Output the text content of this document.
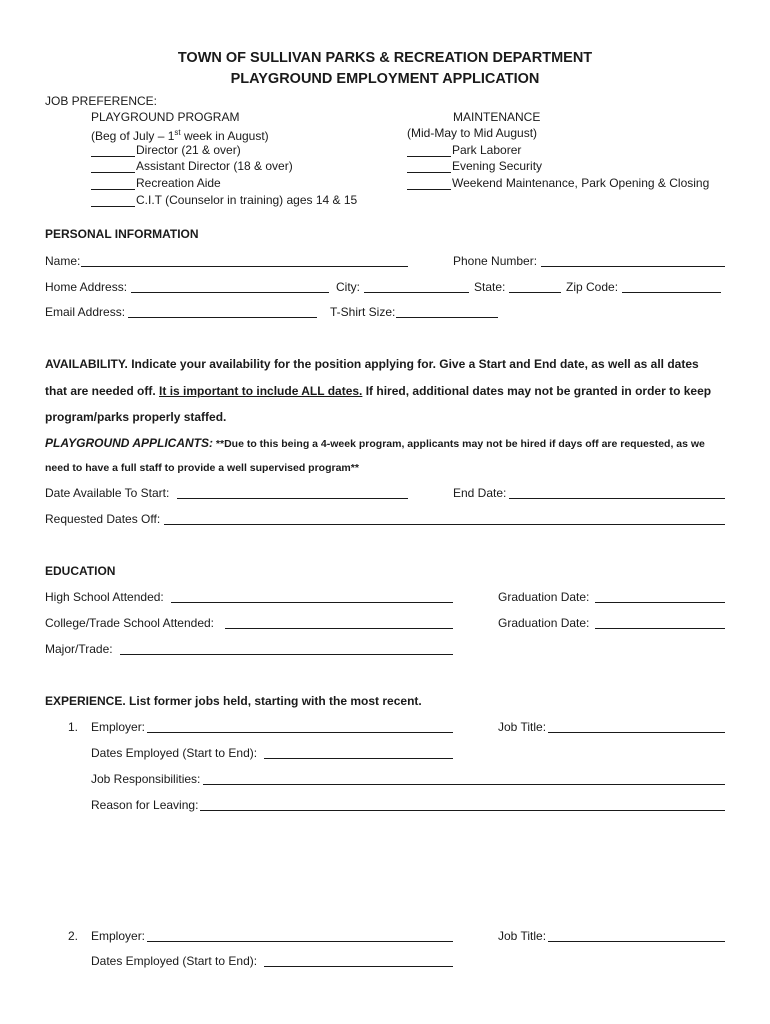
TOWN OF SULLIVAN PARKS & RECREATION DEPARTMENT
PLAYGROUND EMPLOYMENT APPLICATION
JOB PREFERENCE:
PLAYGROUND PROGRAM
(Beg of July – 1st week in August)
Director (21 & over)
Assistant Director (18 & over)
Recreation Aide
C.I.T (Counselor in training) ages 14 & 15
MAINTENANCE
(Mid-May to Mid August)
Park Laborer
Evening Security
Weekend Maintenance, Park Opening & Closing
PERSONAL INFORMATION
Name:	Phone Number:
Home Address:	City:	State:	Zip Code:
Email Address:	T-Shirt Size:
AVAILABILITY. Indicate your availability for the position applying for. Give a Start and End date, as well as all dates
that are needed off. It is important to include ALL dates. If hired, additional dates may not be granted in order to keep
program/parks properly staffed.
PLAYGROUND APPLICANTS: **Due to this being a 4-week program, applicants may not be hired if days off are requested, as we
need to have a full staff to provide a well supervised program**
Date Available To Start:	End Date:
Requested Dates Off:
EDUCATION
High School Attended:	Graduation Date:
College/Trade School Attended:	Graduation Date:
Major/Trade:
EXPERIENCE. List former jobs held, starting with the most recent.
1. Employer:	Job Title:
Dates Employed (Start to End):
Job Responsibilities:
Reason for Leaving:
2. Employer:	Job Title:
Dates Employed (Start to End):
